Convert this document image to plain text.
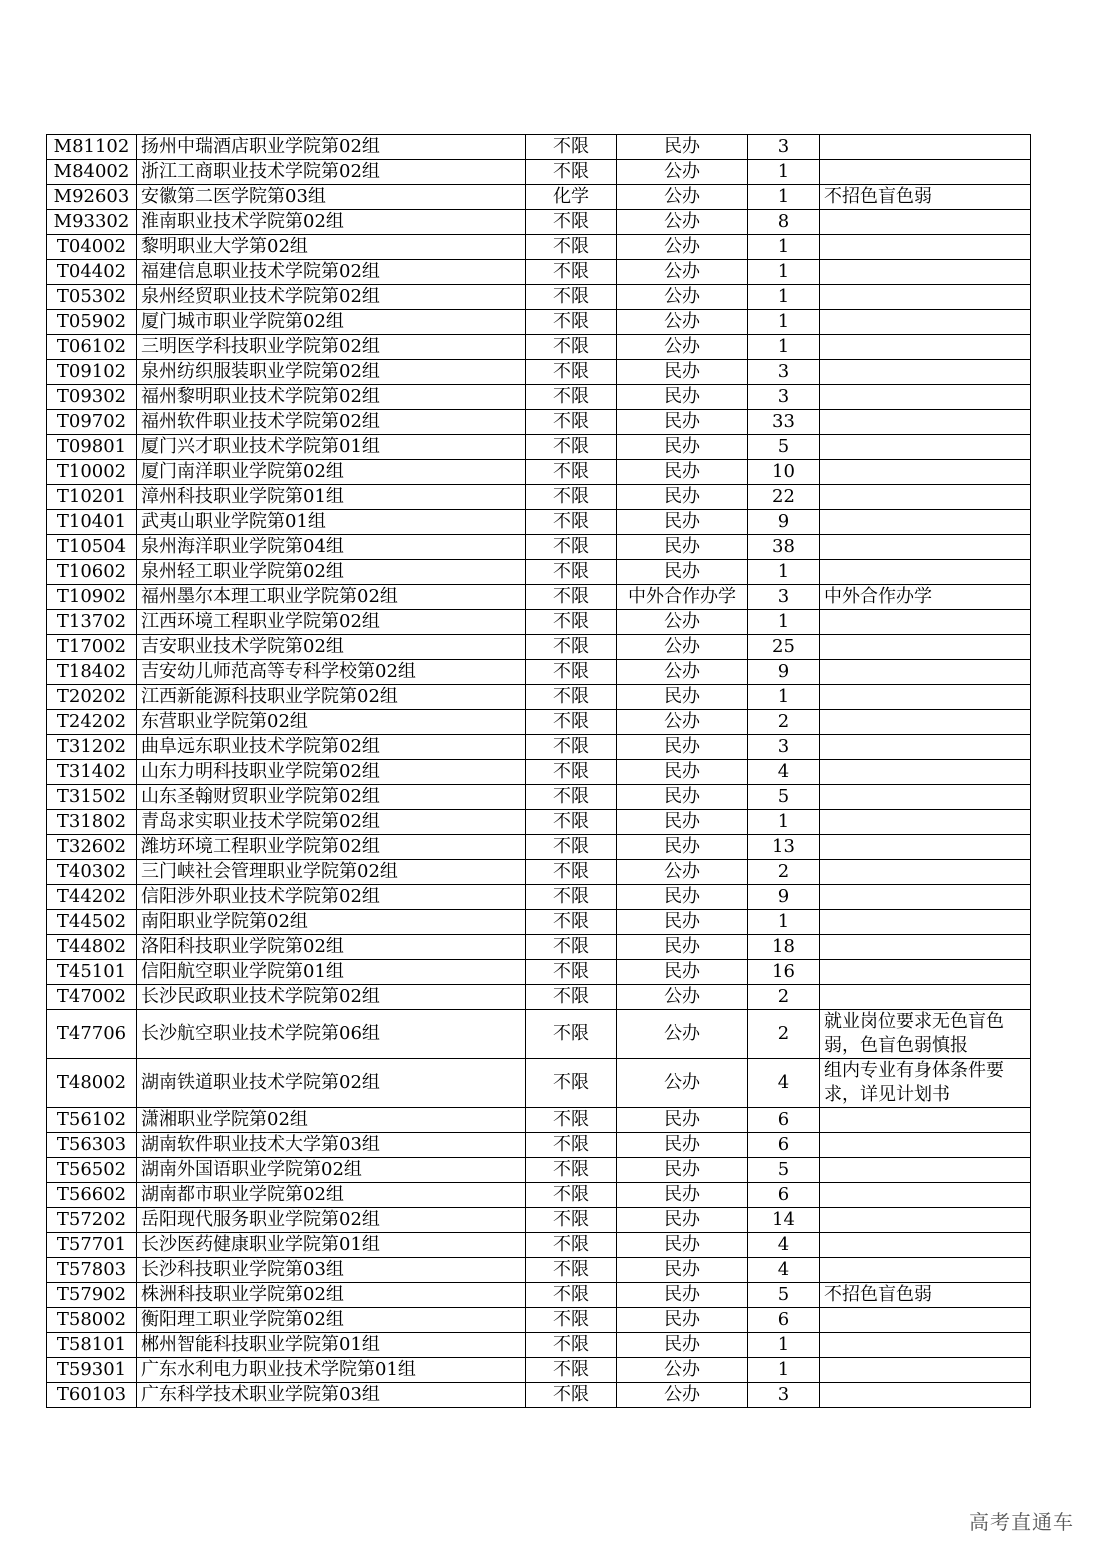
M81102	扬州中瑞酒店职业学院第02组	不限	民办	3	
M84002	浙江工商职业技术学院第02组	不限	公办	1	
M92603	安徽第二医学院第03组	化学	公办	1	不招色盲色弱
M93302	淮南职业技术学院第02组	不限	公办	8	
T04002	黎明职业大学第02组	不限	公办	1	
T04402	福建信息职业技术学院第02组	不限	公办	1	
T05302	泉州经贸职业技术学院第02组	不限	公办	1	
T05902	厦门城市职业学院第02组	不限	公办	1	
T06102	三明医学科技职业学院第02组	不限	公办	1	
T09102	泉州纺织服装职业学院第02组	不限	民办	3	
T09302	福州黎明职业技术学院第02组	不限	民办	3	
T09702	福州软件职业技术学院第02组	不限	民办	33	
T09801	厦门兴才职业技术学院第01组	不限	民办	5	
T10002	厦门南洋职业学院第02组	不限	民办	10	
T10201	漳州科技职业学院第01组	不限	民办	22	
T10401	武夷山职业学院第01组	不限	民办	9	
T10504	泉州海洋职业学院第04组	不限	民办	38	
T10602	泉州轻工职业学院第02组	不限	民办	1	
T10902	福州墨尔本理工职业学院第02组	不限	中外合作办学	3	中外合作办学
T13702	江西环境工程职业学院第02组	不限	公办	1	
T17002	吉安职业技术学院第02组	不限	公办	25	
T18402	吉安幼儿师范高等专科学校第02组	不限	公办	9	
T20202	江西新能源科技职业学院第02组	不限	民办	1	
T24202	东营职业学院第02组	不限	公办	2	
T31202	曲阜远东职业技术学院第02组	不限	民办	3	
T31402	山东力明科技职业学院第02组	不限	民办	4	
T31502	山东圣翰财贸职业学院第02组	不限	民办	5	
T31802	青岛求实职业技术学院第02组	不限	民办	1	
T32602	潍坊环境工程职业学院第02组	不限	民办	13	
T40302	三门峡社会管理职业学院第02组	不限	公办	2	
T44202	信阳涉外职业技术学院第02组	不限	民办	9	
T44502	南阳职业学院第02组	不限	民办	1	
T44802	洛阳科技职业学院第02组	不限	民办	18	
T45101	信阳航空职业学院第01组	不限	民办	16	
T47002	长沙民政职业技术学院第02组	不限	公办	2	
T47706	长沙航空职业技术学院第06组	不限	公办	2	就业岗位要求无色盲色弱，色盲色弱慎报
T48002	湖南铁道职业技术学院第02组	不限	公办	4	组内专业有身体条件要求，详见计划书
T56102	潇湘职业学院第02组	不限	民办	6	
T56303	湖南软件职业技术大学第03组	不限	民办	6	
T56502	湖南外国语职业学院第02组	不限	民办	5	
T56602	湖南都市职业学院第02组	不限	民办	6	
T57202	岳阳现代服务职业学院第02组	不限	民办	14	
T57701	长沙医药健康职业学院第01组	不限	民办	4	
T57803	长沙科技职业学院第03组	不限	民办	4	
T57902	株洲科技职业学院第02组	不限	民办	5	不招色盲色弱
T58002	衡阳理工职业学院第02组	不限	民办	6	
T58101	郴州智能科技职业学院第01组	不限	民办	1	
T59301	广东水利电力职业技术学院第01组	不限	公办	1	
T60103	广东科学技术职业学院第03组	不限	公办	3	
高考直通车
